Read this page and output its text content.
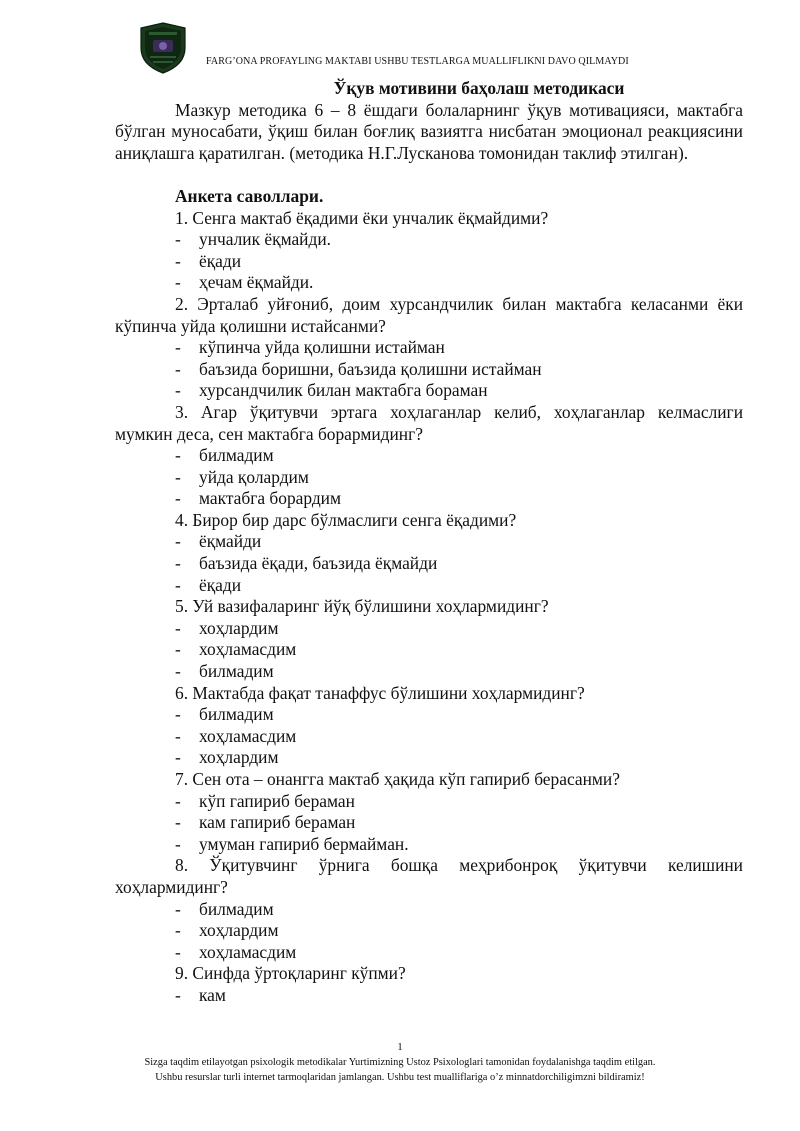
FARG’ONA PROFAYLING MAKTABI USHBU TESTLARGA MUALLIFLIKNI DAVO QILMAYDI
Ўқув мотивини баҳолаш методикаси

Мазкур методика 6 – 8 ёшдаги болаларнинг ўқув мотивацияси, мактабга бўлган муносабати, ўқиш билан боғлиқ вазиятга нисбатан эмоционал реакциясини аниқлашга қаратилган. (методика Н.Г.Лусканова томонидан таклиф этилган).

Анкета саволлари.

1. Сенга мактаб ёқадими ёки унчалик ёқмайдими?

- унчалик ёқмайди.
- ёқади
- ҳечам ёқмайди.

2. Эрталаб уйғониб, доим хурсандчилик билан мактабга келасанми ёки кўпинча уйда қолишни истайсанми?

- кўпинча уйда қолишни истайман
- баъзида боришни, баъзида қолишни истайман
- хурсандчилик билан мактабга бораман

3. Агар ўқитувчи эртага хоҳлаганлар келиб, хоҳлаганлар келмаслиги мумкин деса, сен мактабга борармидинг?

- билмадим
- уйда қолардим
- мактабга борардим

4. Бирор бир дарс бўлмаслиги сенга ёқадими?

- ёқмайди
- баъзида ёқади, баъзида ёқмайди
- ёқади

5. Уй вазифаларинг йўқ бўлишини хоҳлармидинг?

- хоҳлардим
- хоҳламасдим
- билмадим

6. Мактабда фақат танаффус бўлишини хоҳлармидинг?

- билмадим
- хоҳламасдим
- хоҳлардим

7. Сен ота – онангга мактаб ҳақида кўп гапириб берасанми?

- кўп гапириб бераман
- кам гапириб бераман
- умуман гапириб бермайман.

8. Ўқитувчинг ўрнига бошқа меҳрибонроқ ўқитувчи келишини хоҳлармидинг?

- билмадим
- хоҳлардим
- хоҳламасдим

9. Синфда ўртоқларинг кўпми?

- кам
1
Sizga taqdim etilayotgan psixologik metodikalar Yurtimizning Ustoz Psixologlari tamonidan foydalanishga taqdim etilgan.
Ushbu resurslar turli internet tarmoqlaridan jamlangan. Ushbu test mualliflariga o’z minnatdorchiligimzni bildiramiz!
